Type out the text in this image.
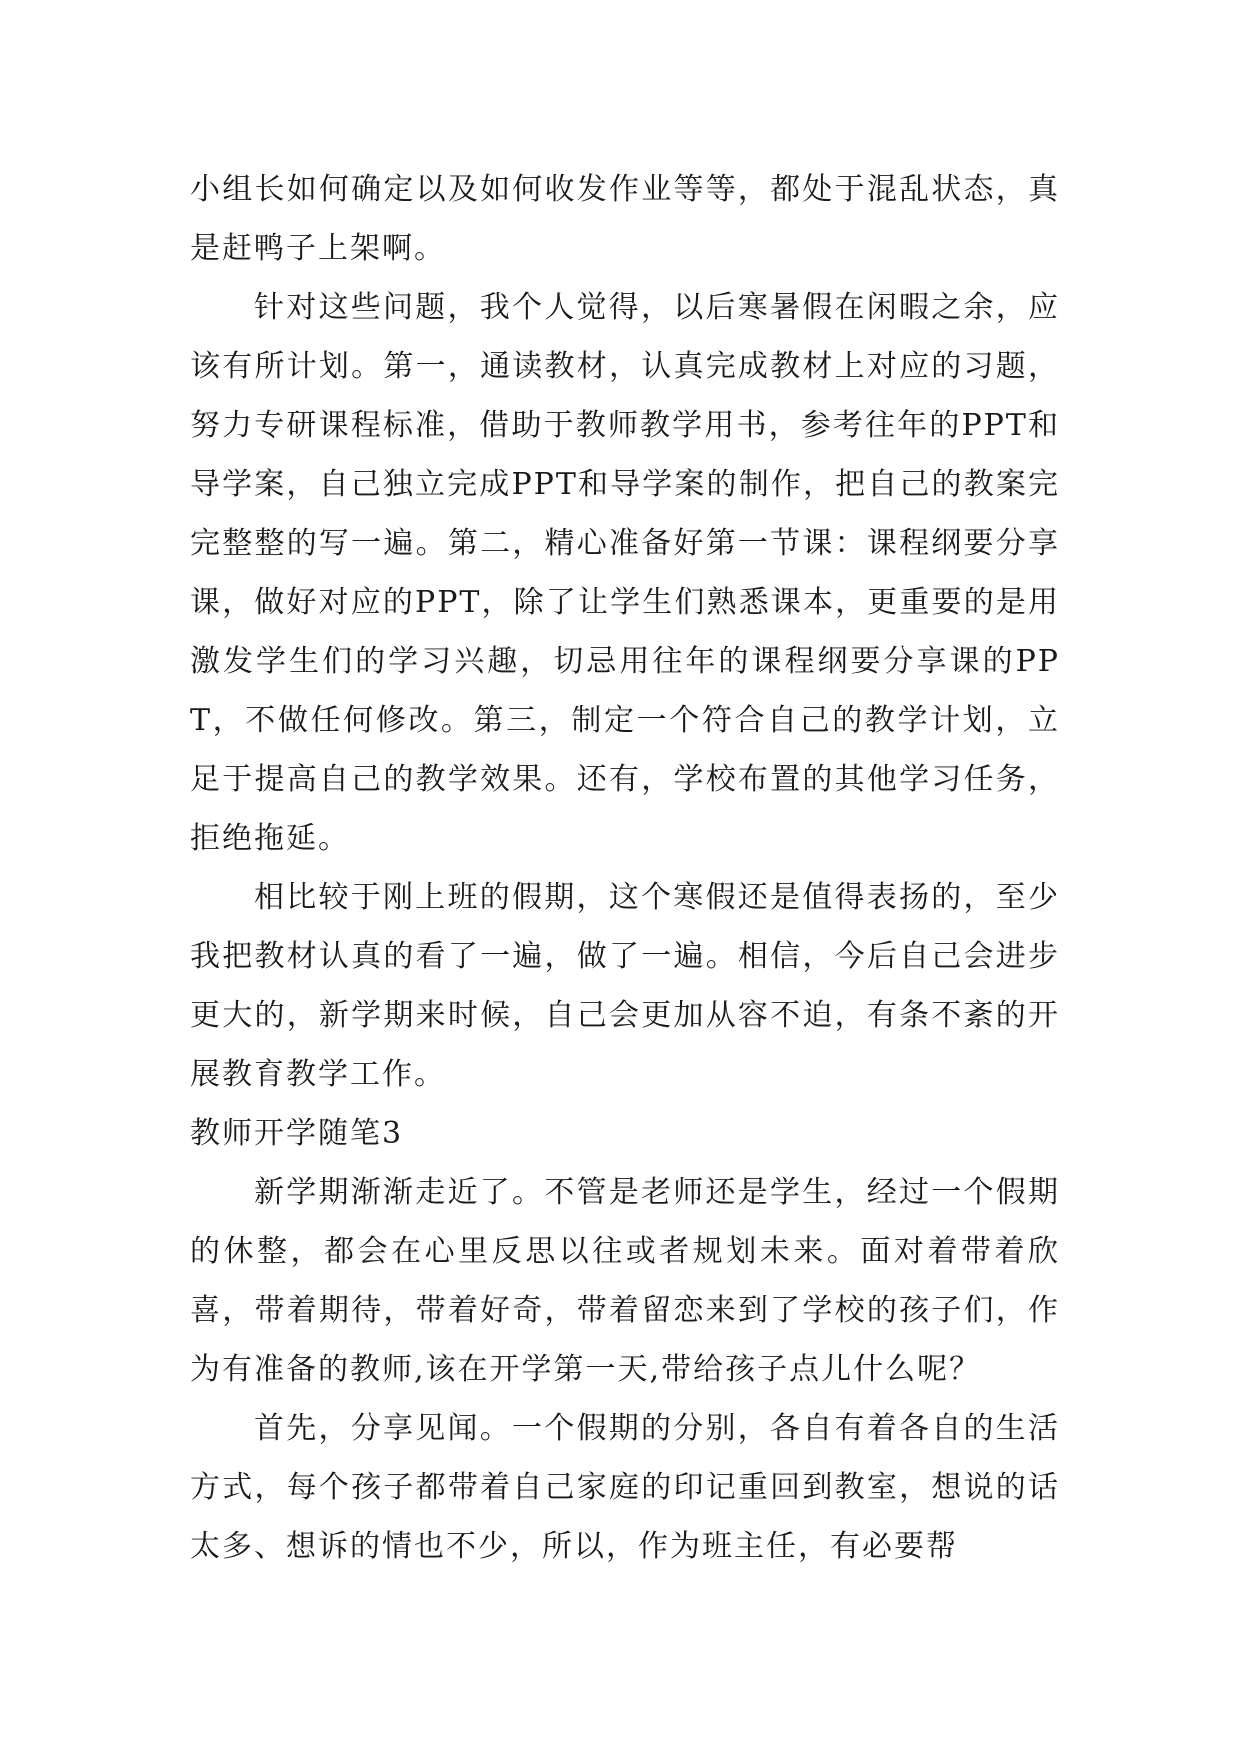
小组长如何确定以及如何收发作业等等，都处于混乱状态，真是赶鸭子上架啊。

针对这些问题，我个人觉得，以后寒暑假在闲暇之余，应该有所计划。第一，通读教材，认真完成教材上对应的习题，努力专研课程标准，借助于教师教学用书，参考往年的PPT和导学案，自己独立完成PPT和导学案的制作，把自己的教案完完整整的写一遍。第二，精心准备好第一节课：课程纲要分享课，做好对应的PPT，除了让学生们熟悉课本，更重要的是用激发学生们的学习兴趣，切忌用往年的课程纲要分享课的PPT，不做任何修改。第三，制定一个符合自己的教学计划，立足于提高自己的教学效果。还有，学校布置的其他学习任务，拒绝拖延。

相比较于刚上班的假期，这个寒假还是值得表扬的，至少我把教材认真的看了一遍，做了一遍。相信，今后自己会进步更大的，新学期来时候，自己会更加从容不迫，有条不紊的开展教育教学工作。

教师开学随笔3

新学期渐渐走近了。不管是老师还是学生，经过一个假期的休整，都会在心里反思以往或者规划未来。面对着带着欣喜，带着期待，带着好奇，带着留恋来到了学校的孩子们，作为有准备的教师,该在开学第一天,带给孩子点儿什么呢？

首先，分享见闻。一个假期的分别，各自有着各自的生活方式，每个孩子都带着自己家庭的印记重回到教室，想说的话太多、想诉的情也不少，所以，作为班主任，有必要帮
